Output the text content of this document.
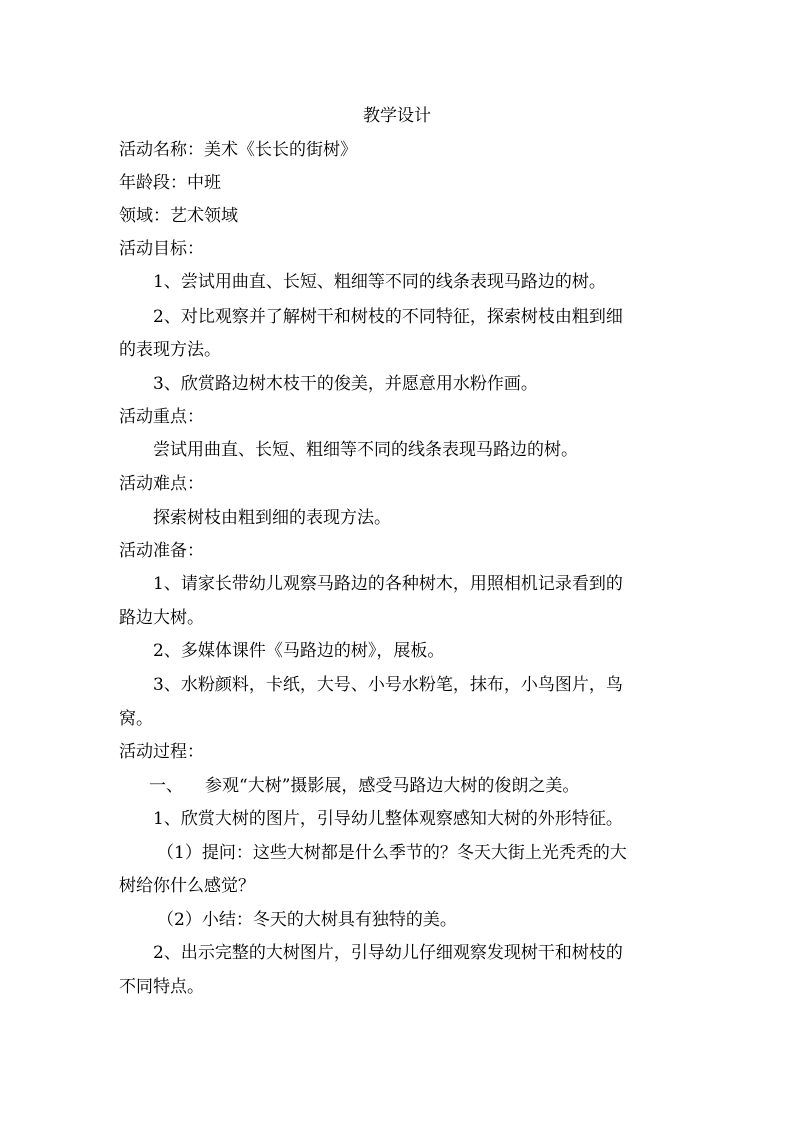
教学设计
活动名称：美术《长长的街树》
年龄段：中班
领域：艺术领域
活动目标：
1、尝试用曲直、长短、粗细等不同的线条表现马路边的树。
2、对比观察并了解树干和树枝的不同特征，探索树枝由粗到细
的表现方法。
3、欣赏路边树木枝干的俊美，并愿意用水粉作画。
活动重点：
尝试用曲直、长短、粗细等不同的线条表现马路边的树。
活动难点：
探索树枝由粗到细的表现方法。
活动准备：
1、请家长带幼儿观察马路边的各种树木，用照相机记录看到的
路边大树。
2、多媒体课件《马路边的树》，展板。
3、水粉颜料，卡纸，大号、小号水粉笔，抹布，小鸟图片，鸟
窝。
活动过程：
一、 参观“大树”摄影展，感受马路边大树的俊朗之美。
1、欣赏大树的图片，引导幼儿整体观察感知大树的外形特征。
（1）提问：这些大树都是什么季节的？冬天大街上光秃秃的大
树给你什么感觉？
（2）小结：冬天的大树具有独特的美。
2、出示完整的大树图片，引导幼儿仔细观察发现树干和树枝的
不同特点。
